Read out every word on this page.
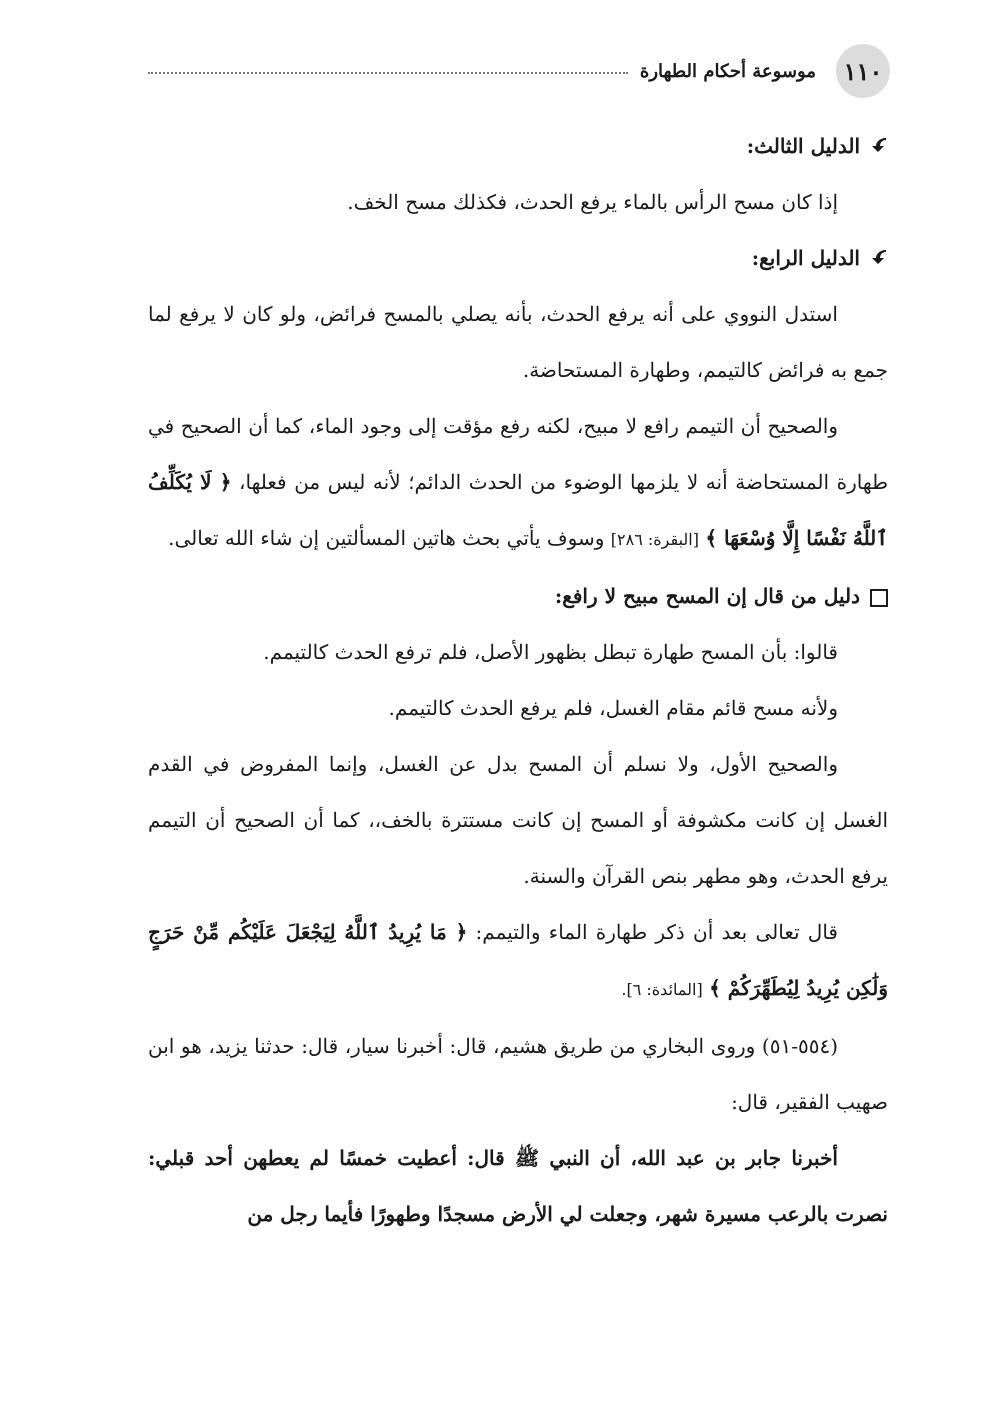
١١٠
موسوعة أحكام الطهارة

الدليل الثالث:

إذا كان مسح الرأس بالماء يرفع الحدث، فكذلك مسح الخف.

الدليل الرابع:

استدل النووي على أنه يرفع الحدث، بأنه يصلي بالمسح فرائض، ولو كان لا يرفع لما جمع به فرائض كالتيمم، وطهارة المستحاضة.

والصحيح أن التيمم رافع لا مبيح، لكنه رفع مؤقت إلى وجود الماء، كما أن الصحيح في طهارة المستحاضة أنه لا يلزمها الوضوء من الحدث الدائم؛ لأنه ليس من فعلها، ﴿ لَا يُكَلِّفُ ٱللَّهُ نَفْسًا إِلَّا وُسْعَهَا ﴾ [البقرة: ٢٨٦] وسوف يأتي بحث هاتين المسألتين إن شاء الله تعالى.

دليل من قال إن المسح مبيح لا رافع:

قالوا: بأن المسح طهارة تبطل بظهور الأصل، فلم ترفع الحدث كالتيمم.

ولأنه مسح قائم مقام الغسل، فلم يرفع الحدث كالتيمم.

والصحيح الأول، ولا نسلم أن المسح بدل عن الغسل، وإنما المفروض في القدم الغسل إن كانت مكشوفة أو المسح إن كانت مستترة بالخف،، كما أن الصحيح أن التيمم يرفع الحدث، وهو مطهر بنص القرآن والسنة.

قال تعالى بعد أن ذكر طهارة الماء والتيمم: ﴿ مَا يُرِيدُ ٱللَّهُ لِيَجْعَلَ عَلَيْكُم مِّنْ حَرَجٍ وَلَٰكِن يُرِيدُ لِيُطَهِّرَكُمْ ﴾ [المائدة: ٦].

(٥٥٤-٥١) وروى البخاري من طريق هشيم، قال: أخبرنا سيار، قال: حدثنا يزيد، هو ابن صهيب الفقير، قال:

أخبرنا جابر بن عبد الله، أن النبي ﷺ قال: أعطيت خمسًا لم يعطهن أحد قبلي: نصرت بالرعب مسيرة شهر، وجعلت لي الأرض مسجدًا وطهورًا فأيما رجل من
